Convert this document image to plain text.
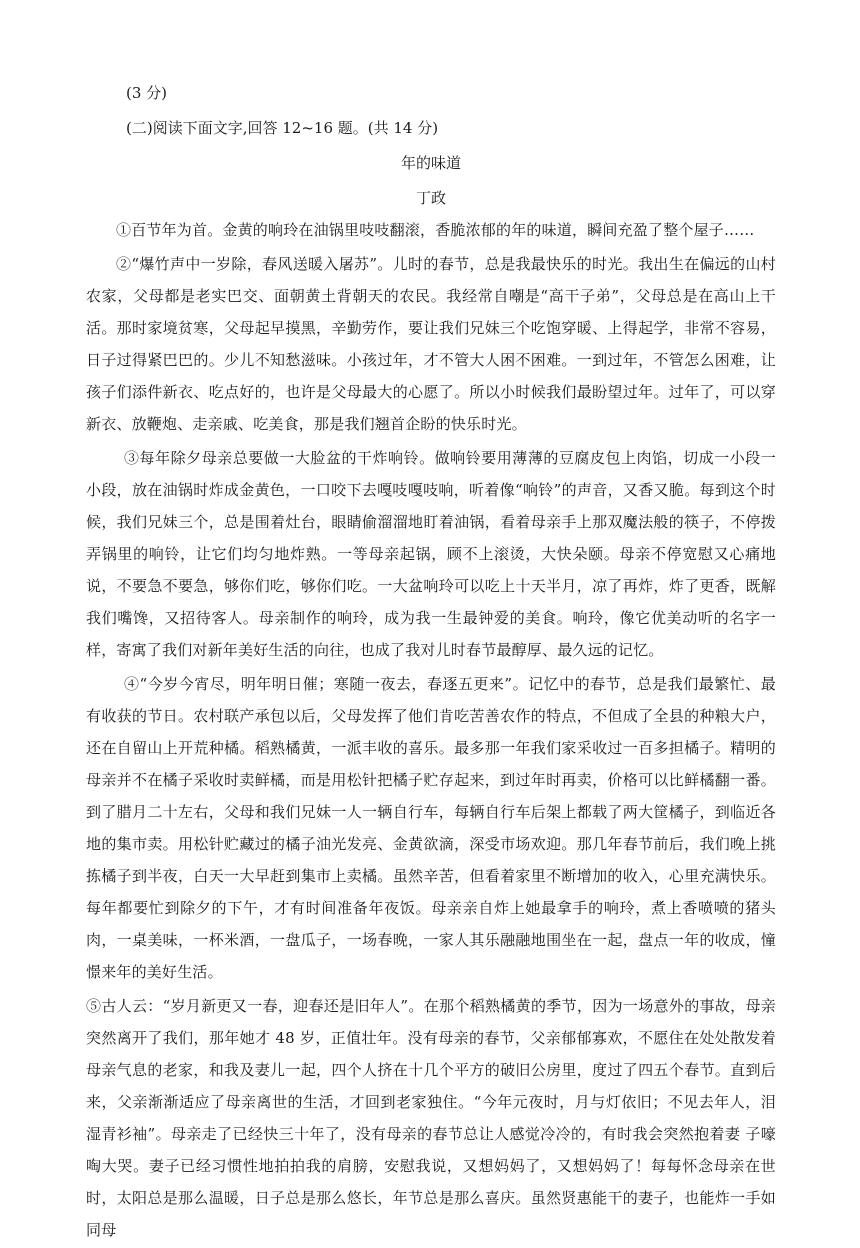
(3 分)

(二)阅读下面文字,回答 12~16 题。(共 14 分)

年的味道

丁政

①百节年为首。金黄的响玲在油锅里吱吱翻滚，香脆浓郁的年的味道，瞬间充盈了整个屋子……

②“爆竹声中一岁除，春风送暖入屠苏”。儿时的春节，总是我最快乐的时光。我出生在偏远的山村农家，父母都是老实巴交、面朝黄土背朝天的农民。我经常自嘲是“高干子弟”，父母总是在高山上干活。那时家境贫寒，父母起早摸黑，辛勤劳作，要让我们兄妹三个吃饱穿暖、上得起学，非常不容易，日子过得紧巴巴的。少儿不知愁滋味。小孩过年，才不管大人困不困难。一到过年，不管怎么困难，让孩子们添件新衣、吃点好的，也许是父母最大的心愿了。所以小时候我们最盼望过年。过年了，可以穿新衣、放鞭炮、走亲戚、吃美食，那是我们翘首企盼的快乐时光。

③每年除夕母亲总要做一大脸盆的干炸响铃。做响铃要用薄薄的豆腐皮包上肉馅，切成一小段一小段，放在油锅时炸成金黄色，一口咬下去嘎吱嘎吱响，听着像“响铃”的声音，又香又脆。每到这个时候，我们兄妹三个，总是围着灶台，眼睛偷溜溜地盯着油锅，看着母亲手上那双魔法般的筷子，不停拨弄锅里的响铃，让它们均匀地炸熟。一等母亲起锅，顾不上滚烫，大快朵颐。母亲不停宽慰又心痛地说，不要急不要急，够你们吃，够你们吃。一大盆响玲可以吃上十天半月，凉了再炸，炸了更香，既解我们嘴馋，又招待客人。母亲制作的响玲，成为我一生最钟爱的美食。响玲，像它优美动听的名字一样，寄寓了我们对新年美好生活的向往，也成了我对儿时春节最醇厚、最久远的记忆。

④“今岁今宵尽，明年明日催；寒随一夜去，春逐五更来”。记忆中的春节，总是我们最繁忙、最有收获的节日。农村联产承包以后，父母发挥了他们肯吃苦善农作的特点，不但成了全县的种粮大户，还在自留山上开荒种橘。稻熟橘黄，一派丰收的喜乐。最多那一年我们家采收过一百多担橘子。精明的母亲并不在橘子采收时卖鲜橘，而是用松针把橘子贮存起来，到过年时再卖，价格可以比鲜橘翻一番。到了腊月二十左右，父母和我们兄妹一人一辆自行车，每辆自行车后架上都载了两大筐橘子，到临近各地的集市卖。用松针贮藏过的橘子油光发亮、金黄欲滴，深受市场欢迎。那几年春节前后，我们晚上挑拣橘子到半夜，白天一大早赶到集市上卖橘。虽然辛苦，但看着家里不断增加的收入，心里充满快乐。每年都要忙到除夕的下午，才有时间准备年夜饭。母亲亲自炸上她最拿手的响玲，煮上香喷喷的猪头肉，一桌美味，一杯米酒，一盘瓜子，一场春晚，一家人其乐融融地围坐在一起，盘点一年的收成，憧憬来年的美好生活。

⑤古人云：“岁月新更又一春，迎春还是旧年人”。在那个稻熟橘黄的季节，因为一场意外的事故，母亲突然离开了我们，那年她才 48 岁，正值壮年。没有母亲的春节，父亲郁郁寡欢，不愿住在处处散发着母亲气息的老家，和我及妻儿一起，四个人挤在十几个平方的破旧公房里，度过了四五个春节。直到后来，父亲渐渐适应了母亲离世的生活，才回到老家独住。“今年元夜时，月与灯依旧；不见去年人，泪湿青衫袖”。母亲走了已经快三十年了，没有母亲的春节总让人感觉冷冷的，有时我会突然抱着妻 子嚎啕大哭。妻子已经习惯性地拍拍我的肩膀，安慰我说，又想妈妈了，又想妈妈了！每每怀念母亲在世时，太阳总是那么温暖，日子总是那么悠长，年节总是那么喜庆。虽然贤惠能干的妻子，也能炸一手如同母
